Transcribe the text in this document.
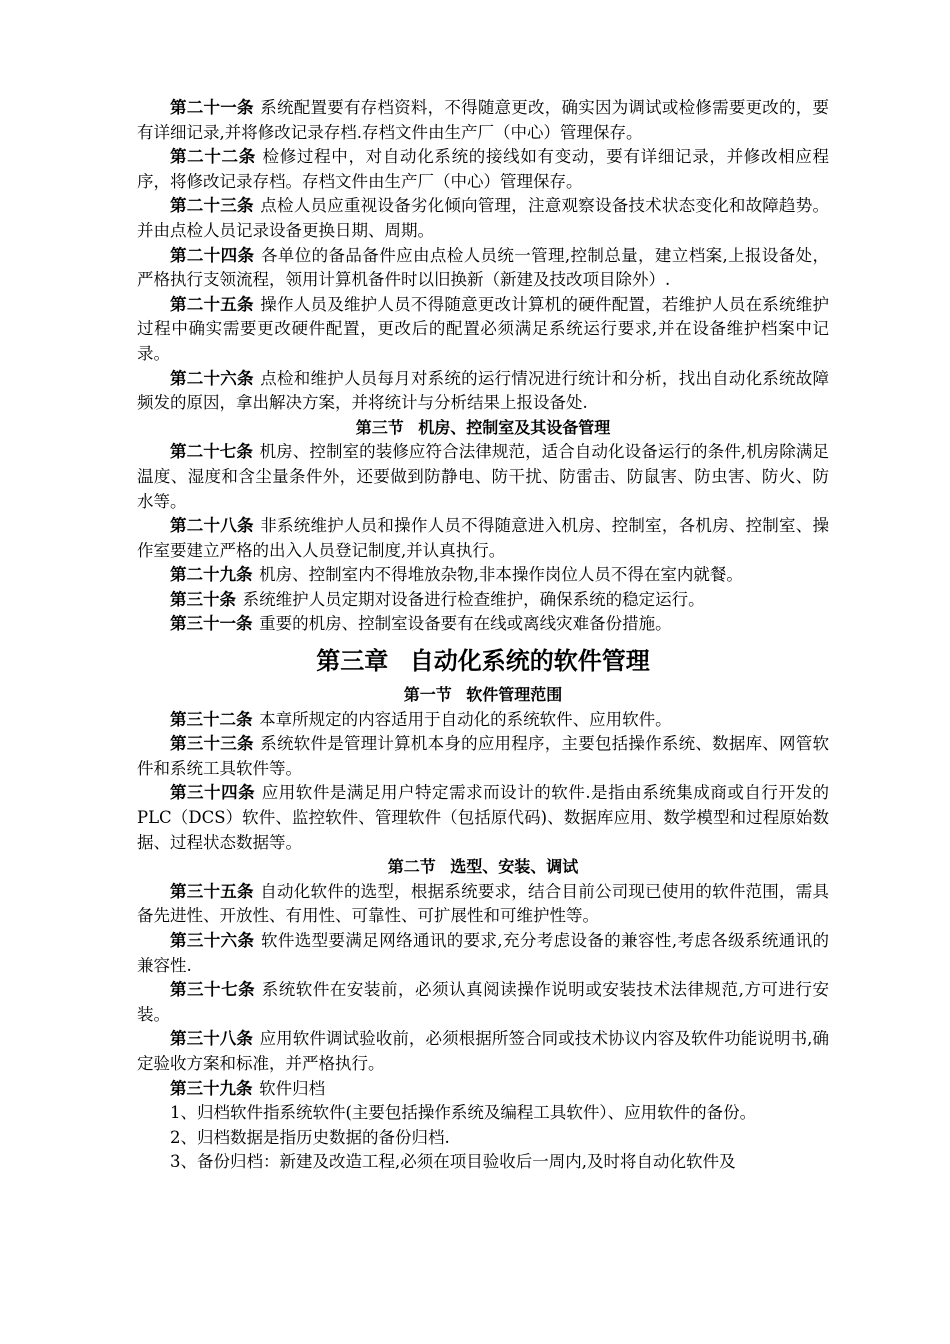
第二十一条 系统配置要有存档资料，不得随意更改，确实因为调试或检修需要更改的，要有详细记录,并将修改记录存档.存档文件由生产厂（中心）管理保存。

第二十二条 检修过程中，对自动化系统的接线如有变动，要有详细记录，并修改相应程序，将修改记录存档。存档文件由生产厂（中心）管理保存。

第二十三条 点检人员应重视设备劣化倾向管理，注意观察设备技术状态变化和故障趋势。并由点检人员记录设备更换日期、周期。

第二十四条 各单位的备品备件应由点检人员统一管理,控制总量，建立档案,上报设备处，严格执行支领流程，领用计算机备件时以旧换新（新建及技改项目除外）.

第二十五条 操作人员及维护人员不得随意更改计算机的硬件配置，若维护人员在系统维护过程中确实需要更改硬件配置，更改后的配置必须满足系统运行要求,并在设备维护档案中记录。

第二十六条 点检和维护人员每月对系统的运行情况进行统计和分析，找出自动化系统故障频发的原因，拿出解决方案，并将统计与分析结果上报设备处.

第三节 机房、控制室及其设备管理

第二十七条 机房、控制室的装修应符合法律规范，适合自动化设备运行的条件,机房除满足温度、湿度和含尘量条件外，还要做到防静电、防干扰、防雷击、防鼠害、防虫害、防火、防水等。

第二十八条 非系统维护人员和操作人员不得随意进入机房、控制室，各机房、控制室、操作室要建立严格的出入人员登记制度,并认真执行。

第二十九条 机房、控制室内不得堆放杂物,非本操作岗位人员不得在室内就餐。

第三十条 系统维护人员定期对设备进行检查维护，确保系统的稳定运行。

第三十一条 重要的机房、控制室设备要有在线或离线灾难备份措施。

第三章 自动化系统的软件管理
第一节 软件管理范围

第三十二条 本章所规定的内容适用于自动化的系统软件、应用软件。

第三十三条 系统软件是管理计算机本身的应用程序，主要包括操作系统、数据库、网管软件和系统工具软件等。

第三十四条 应用软件是满足用户特定需求而设计的软件.是指由系统集成商或自行开发的PLC（DCS）软件、监控软件、管理软件（包括原代码)、数据库应用、数学模型和过程原始数据、过程状态数据等。

第二节 选型、安装、调试

第三十五条 自动化软件的选型，根据系统要求，结合目前公司现已使用的软件范围，需具备先进性、开放性、有用性、可靠性、可扩展性和可维护性等。

第三十六条 软件选型要满足网络通讯的要求,充分考虑设备的兼容性,考虑各级系统通讯的兼容性.

第三十七条 系统软件在安装前，必须认真阅读操作说明或安装技术法律规范,方可进行安装。

第三十八条 应用软件调试验收前，必须根据所签合同或技术协议内容及软件功能说明书,确定验收方案和标准，并严格执行。

第三十九条 软件归档

1、归档软件指系统软件(主要包括操作系统及编程工具软件）、应用软件的备份。

2、归档数据是指历史数据的备份归档.

3、备份归档：新建及改造工程,必须在项目验收后一周内,及时将自动化软件及
